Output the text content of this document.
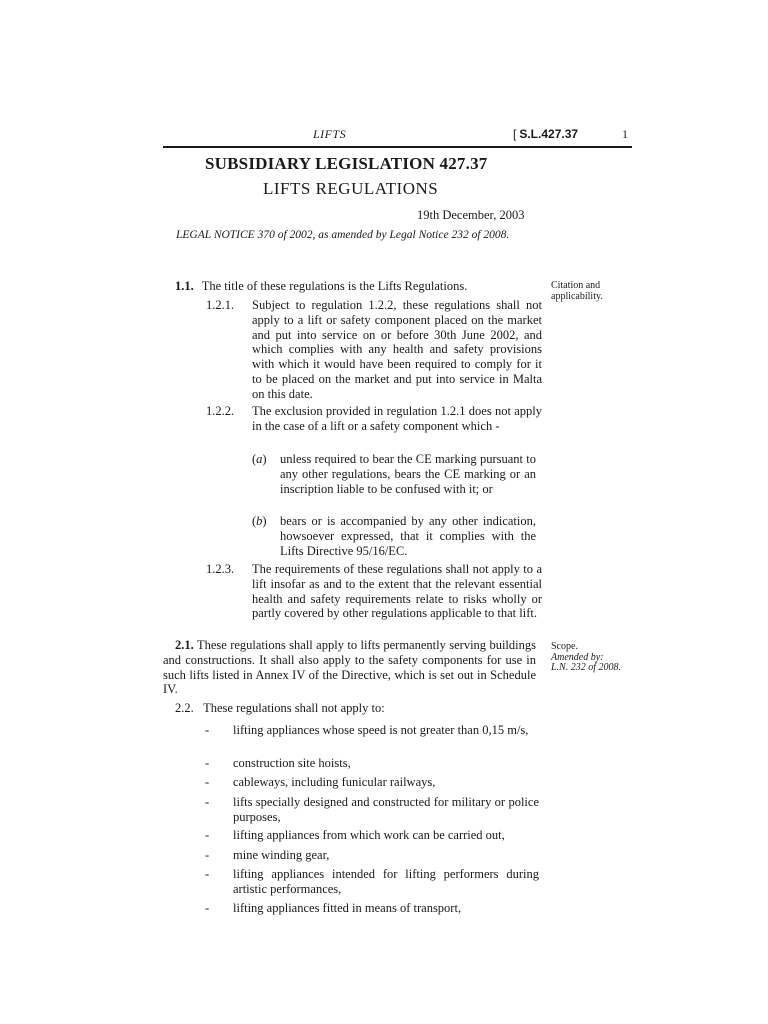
LIFTS	[ S.L.427.37	1
SUBSIDIARY LEGISLATION 427.37
LIFTS REGULATIONS
19th December, 2003
LEGAL NOTICE 370 of 2002, as amended by Legal Notice 232 of 2008.
1.1. The title of these regulations is the Lifts Regulations.	Citation and applicability.
1.2.1. Subject to regulation 1.2.2, these regulations shall not apply to a lift or safety component placed on the market and put into service on or before 30th June 2002, and which complies with any health and safety provisions with which it would have been required to comply for it to be placed on the market and put into service in Malta on this date.
1.2.2. The exclusion provided in regulation 1.2.1 does not apply in the case of a lift or a safety component which -
(a) unless required to bear the CE marking pursuant to any other regulations, bears the CE marking or an inscription liable to be confused with it; or
(b) bears or is accompanied by any other indication, howsoever expressed, that it complies with the Lifts Directive 95/16/EC.
1.2.3. The requirements of these regulations shall not apply to a lift insofar as and to the extent that the relevant essential health and safety requirements relate to risks wholly or partly covered by other regulations applicable to that lift.
2.1. These regulations shall apply to lifts permanently serving buildings and constructions. It shall also apply to the safety components for use in such lifts listed in Annex IV of the Directive, which is set out in Schedule IV.
Scope.
Amended by:
L.N. 232 of 2008.
2.2. These regulations shall not apply to:
- lifting appliances whose speed is not greater than 0,15 m/s,
- construction site hoists,
- cableways, including funicular railways,
- lifts specially designed and constructed for military or police purposes,
- lifting appliances from which work can be carried out,
- mine winding gear,
- lifting appliances intended for lifting performers during artistic performances,
- lifting appliances fitted in means of transport,
